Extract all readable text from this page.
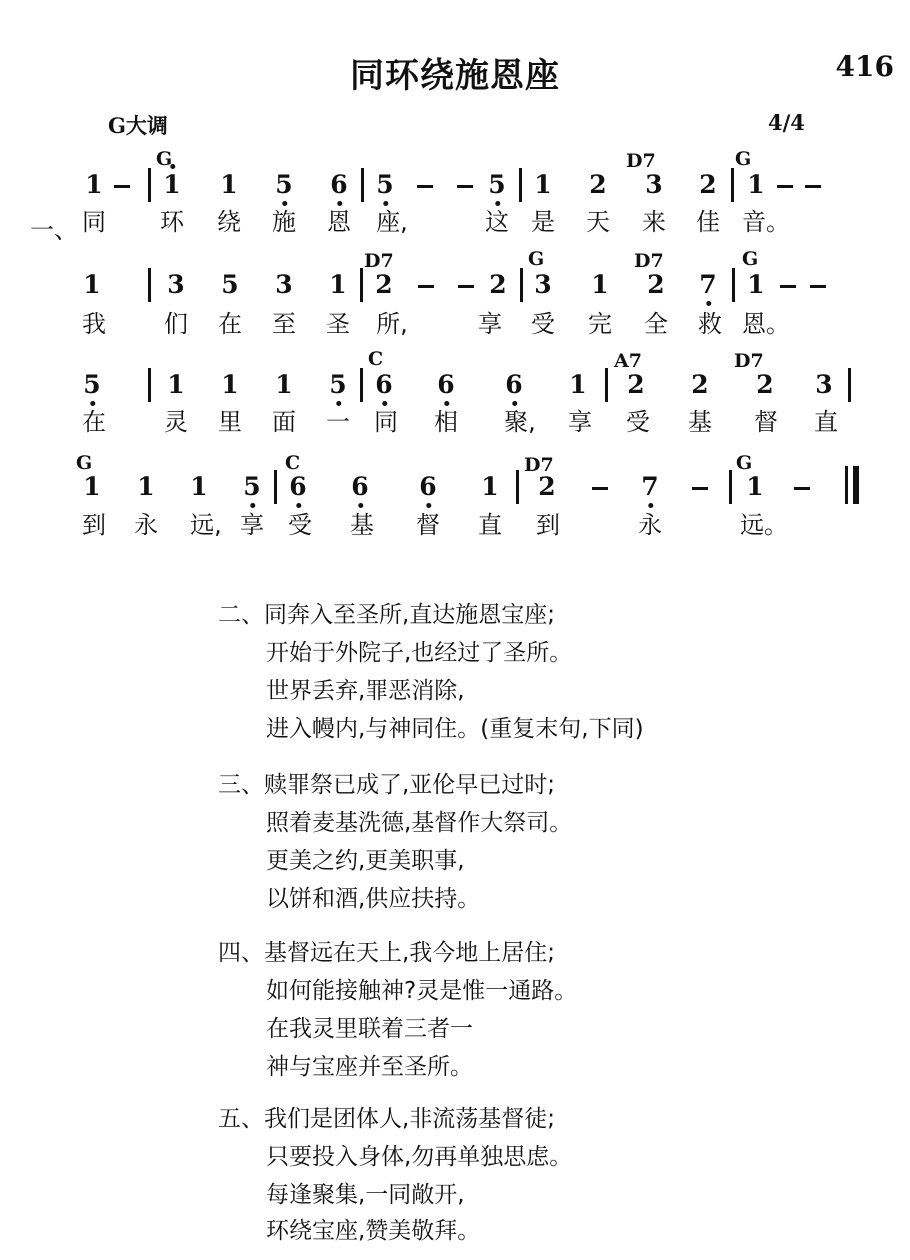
同环绕施恩座	416
G大调	4/4
G	D7	G
1 1 1 5 6 5	5 1 2 3 2 1
一、 同 环 绕 施 恩 座,	这 是 天 来 佳 音。
D7	G	D7	G
1	3 5 3 1 2	2 3 1 2 7 1
我 们 在 至 圣 所,	享 受 完 全 救 恩。
C	A7	D7
5	1 1 1 5 6 6 6 1 2 2 2 3
在 灵 里 面 一 同 相 聚, 享 受 基 督 直
G	C	D7	G
1 1 1 5 6 6 6 1 2	7	1
到 永 远, 享 受 基 督 直 到	永	远。
二、同奔入至圣所,直达施恩宝座;
开始于外院子,也经过了圣所。
世界丢弃,罪恶消除,
进入幔内,与神同住。(重复末句,下同)
三、赎罪祭已成了,亚伦早已过时;
照着麦基洗德,基督作大祭司。
更美之约,更美职事,
以饼和酒,供应扶持。
四、基督远在天上,我今地上居住;
如何能接触神?灵是惟一通路。
在我灵里联着三者一
神与宝座并至圣所。
五、我们是团体人,非流荡基督徒;
只要投入身体,勿再单独思虑。
每逢聚集,一同敞开,
环绕宝座,赞美敬拜。
